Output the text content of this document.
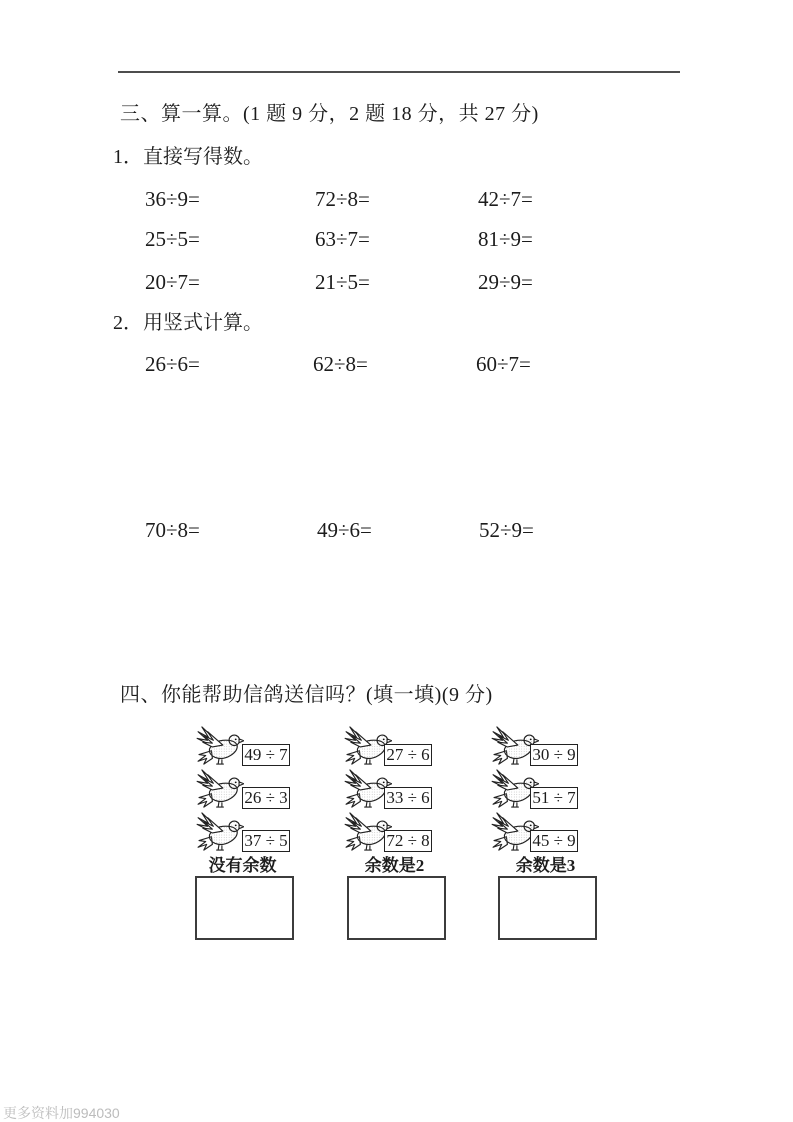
三、算一算。(1 题 9 分，2 题 18 分，共 27 分)
1．直接写得数。
36÷9=	72÷8=	42÷7=
25÷5=	63÷7=	81÷9=
20÷7=	21÷5=	29÷9=
2．用竖式计算。
26÷6=	62÷8=	60÷7=
70÷8=	49÷6=	52÷9=
四、你能帮助信鸽送信吗？(填一填)(9 分)
49 ÷ 7
26 ÷ 3
37 ÷ 5
27 ÷ 6
33 ÷ 6
72 ÷ 8
30 ÷ 9
51 ÷ 7
45 ÷ 9
没有余数	余数是2	余数是3
更多资料加994030
